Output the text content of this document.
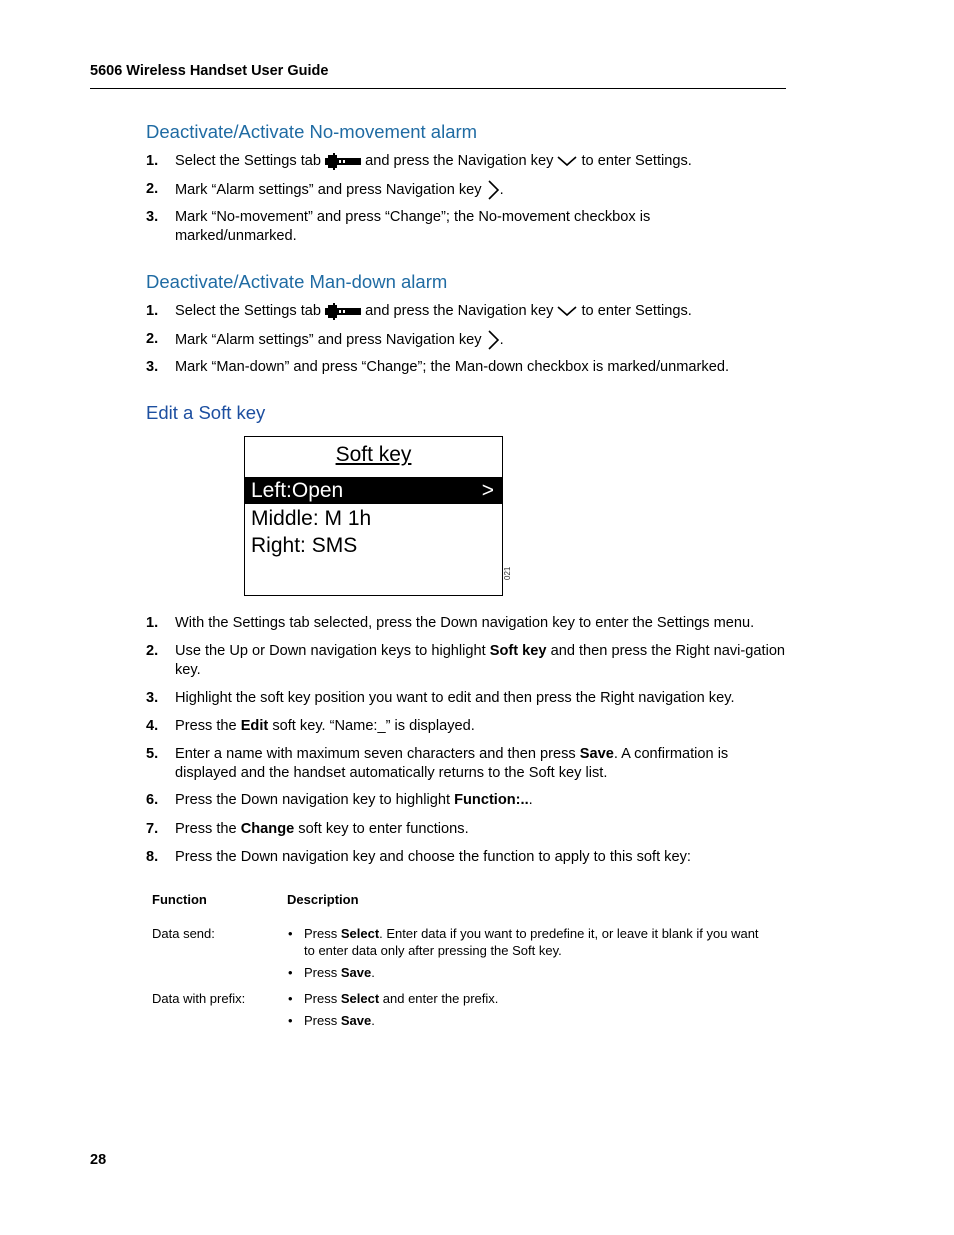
5606 Wireless Handset User Guide
Deactivate/Activate No-movement alarm
1. Select the Settings tab	and press the Navigation key to enter Settings.
2. Mark “Alarm settings” and press Navigation key .
3. Mark “No-movement” and press “Change”; the No-movement checkbox is marked/unmarked.
Deactivate/Activate Man-down alarm
1. Select the Settings tab	and press the Navigation key to enter Settings.
2. Mark “Alarm settings” and press Navigation key .
3. Mark “Man-down” and press “Change”; the Man-down checkbox is marked/unmarked.
Edit a Soft key
Soft key
Left:Open	>
Middle: M 1h
Right: SMS
021
1. With the Settings tab selected, press the Down navigation key to enter the Settings menu.
2. Use the Up or Down navigation keys to highlight Soft key and then press the Right navi-gation key.
3. Highlight the soft key position you want to edit and then press the Right navigation key.
4. Press the Edit soft key. “Name:_” is displayed.
5. Enter a name with maximum seven characters and then press Save. A confirmation is displayed and the handset automatically returns to the Soft key list.
6. Press the Down navigation key to highlight Function:...
7. Press the Change soft key to enter functions.
8. Press the Down navigation key and choose the function to apply to this soft key:
Function	Description
Data send:	• Press Select. Enter data if you want to predefine it, or leave it blank if you want to enter data only after pressing the Soft key.
• Press Save.
Data with prefix:	• Press Select and enter the prefix.
• Press Save.
28
